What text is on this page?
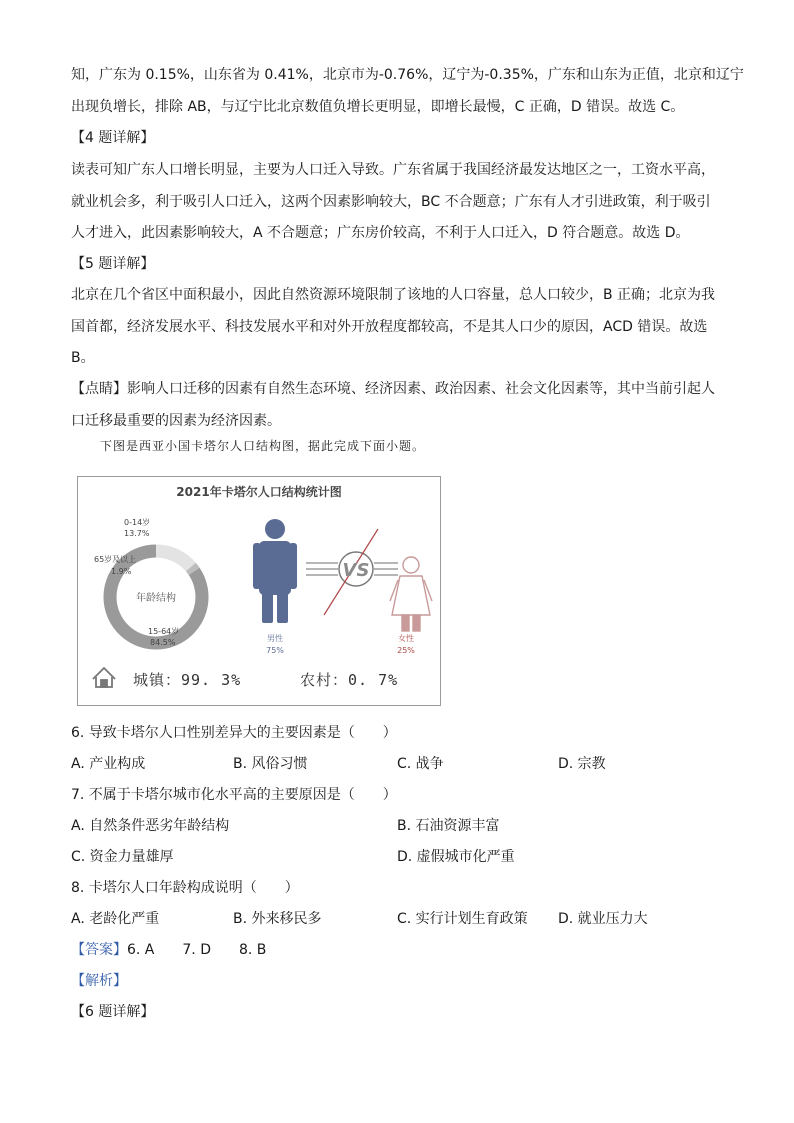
知，广东为 0.15%，山东省为 0.41%，北京市为-0.76%，辽宁为-0.35%，广东和山东为正值，北京和辽宁
出现负增长，排除 AB，与辽宁比北京数值负增长更明显，即增长最慢，C 正确，D 错误。故选 C。
【4 题详解】
读表可知广东人口增长明显，主要为人口迁入导致。广东省属于我国经济最发达地区之一，工资水平高，
就业机会多，利于吸引人口迁入，这两个因素影响较大，BC 不合题意；广东有人才引进政策，利于吸引
人才进入，此因素影响较大，A 不合题意；广东房价较高，不利于人口迁入，D 符合题意。故选 D。
【5 题详解】
北京在几个省区中面积最小，因此自然资源环境限制了该地的人口容量，总人口较少，B 正确；北京为我
国首都，经济发展水平、科技发展水平和对外开放程度都较高，不是其人口少的原因，ACD 错误。故选
B。
【点睛】影响人口迁移的因素有自然生态环境、经济因素、政治因素、社会文化因素等，其中当前引起人
口迁移最重要的因素为经济因素。
下图是西亚小国卡塔尔人口结构图，据此完成下面小题。
2021年卡塔尔人口结构统计图
年龄结构
0-14岁
13.7%
65岁及以上
1.9%
15-64岁
84.5%	男性
75%
VS
女性
25%
城镇：99. 3%	农村：0. 7%
6. 导致卡塔尔人口性别差异大的主要因素是（　　）
A. 产业构成	B. 风俗习惯	C. 战争	D. 宗教
7. 不属于卡塔尔城市化水平高的主要原因是（　　）
A. 自然条件恶劣年龄结构	B. 石油资源丰富
C. 资金力量雄厚	D. 虚假城市化严重
8. 卡塔尔人口年龄构成说明（　　）
A. 老龄化严重	B. 外来移民多	C. 实行计划生育政策 D. 就业压力大
【答案】6. A　　7. D　　8. B
【解析】
【6 题详解】
